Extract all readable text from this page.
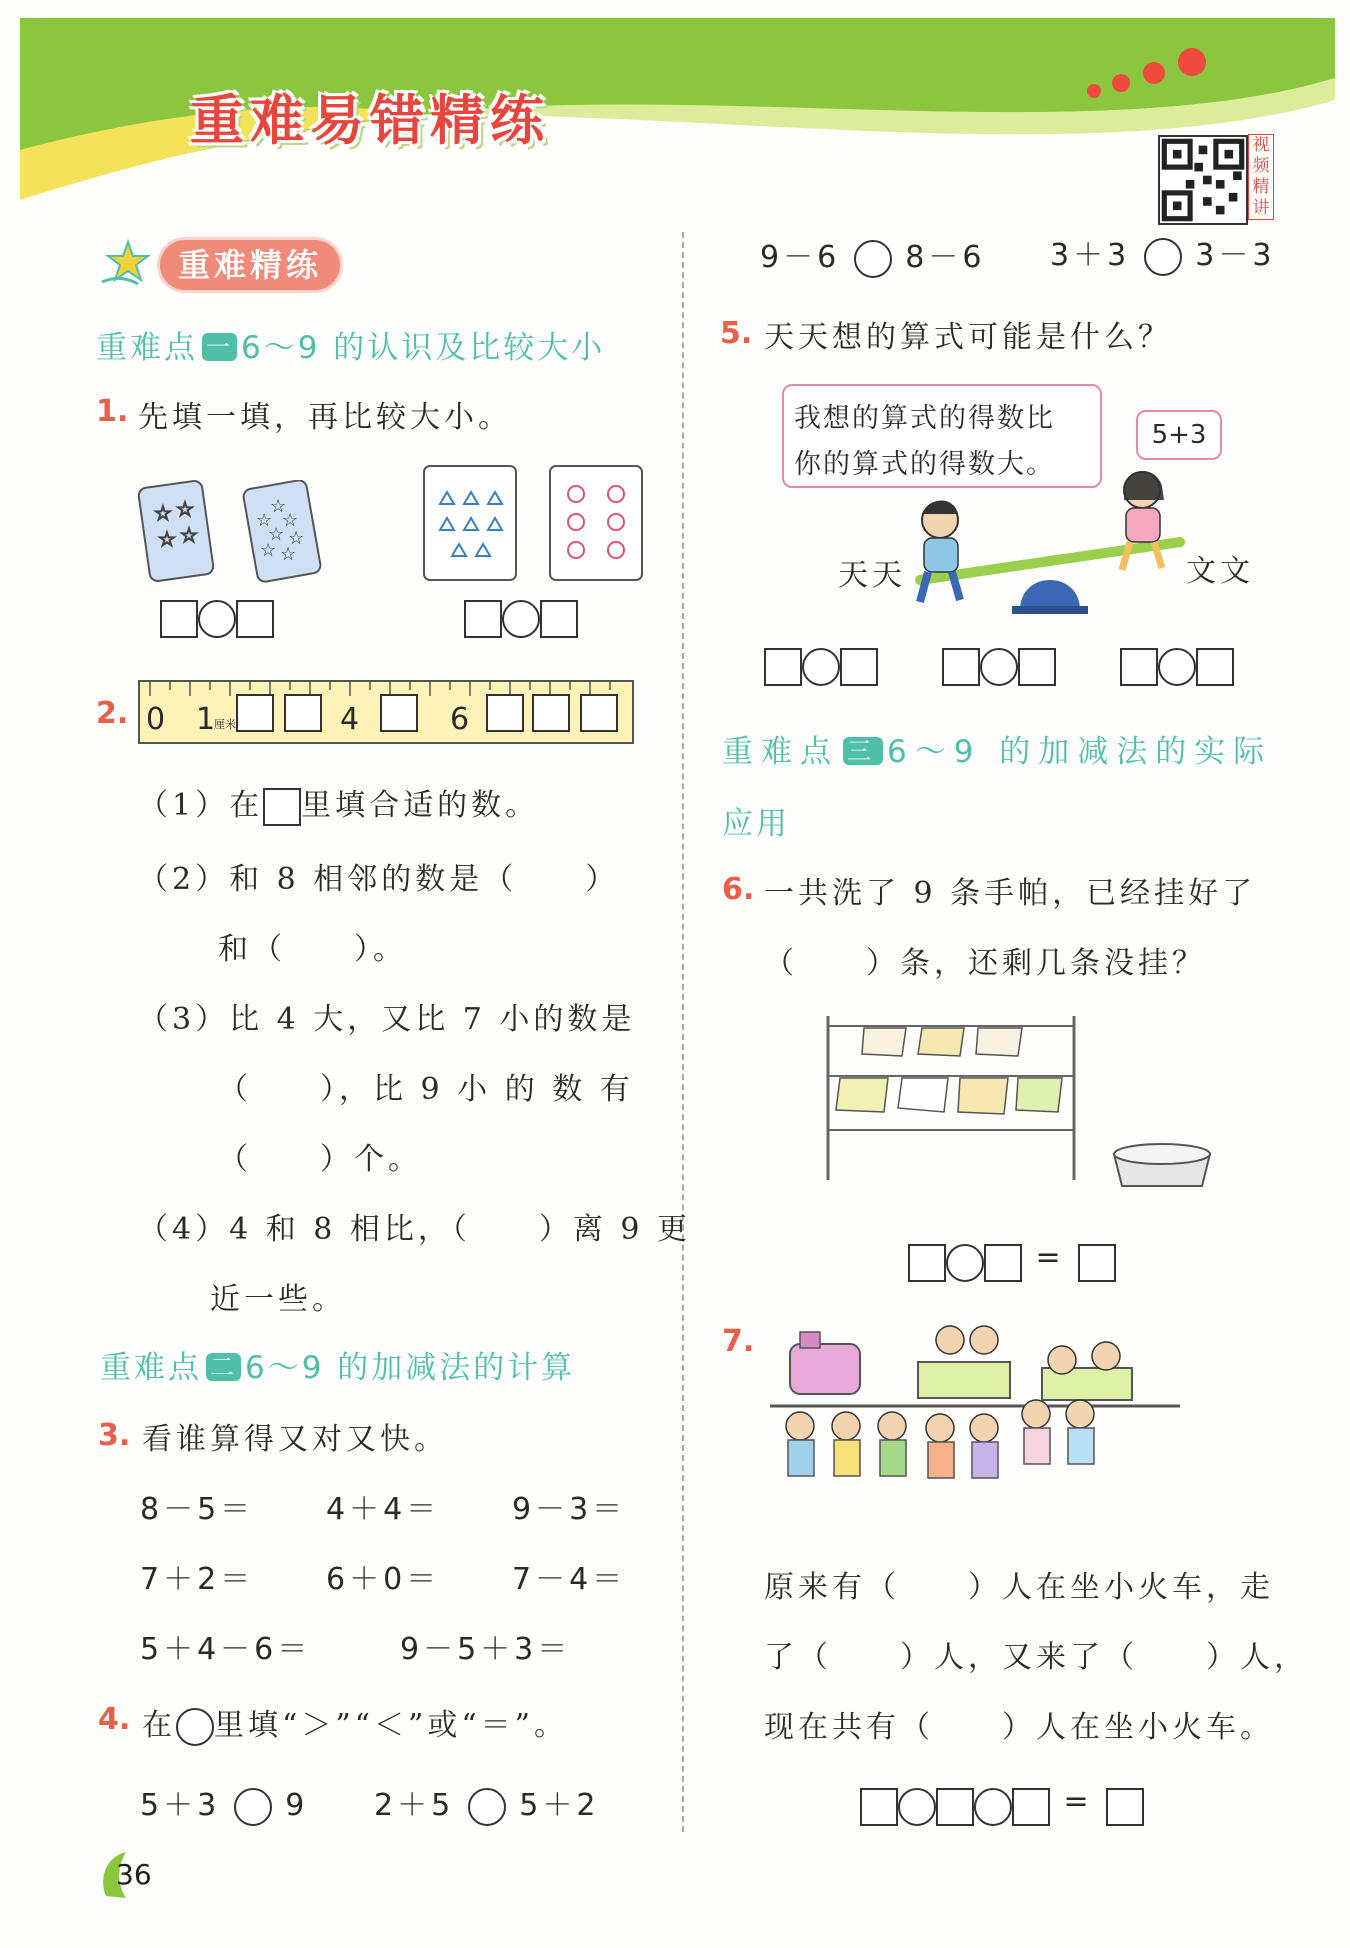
重难易错精练	视频精讲
重难精练
重难点 一 6～9 的认识及比较大小
1. 先填一填，再比较大小。
☆ ☆
☆ ☆
☆
☆ ☆
☆ ☆
☆ ☆
2. 0 1
厘米	4	6
（1）在 里填合适的数。
（2）和 8 相邻的数是（　　）
和（　　）。
（3）比 4 大，又比 7 小的数是
（　　），比 9 小 的 数 有
（　　）个。
（4）4 和 8 相比，（　　）离 9 更
近一些。
重难点 二 6～9 的加减法的计算
3. 看谁算得又对又快。
8－5＝ 4＋4＝ 9－3＝
7＋2＝ 6＋0＝ 7－4＝
5＋4－6＝	9－5＋3＝
4. 在 里填“＞”“＜”或“＝”。
5＋3 9 2＋5 5＋2
9－6 8－6 3＋3 3－3
5. 天天想的算式可能是什么？
我想的算式的得数比
你的算式的得数大。
5+3
天天	文文
重难点 三 6～9 的加减法的实际
应用
6. 一共洗了 9 条手帕，已经挂好了
（　　）条，还剩几条没挂？
=
7.
原来有（　　）人在坐小火车，走
了（　　）人，又来了（　　）人，
现在共有（　　）人在坐小火车。
=
36
